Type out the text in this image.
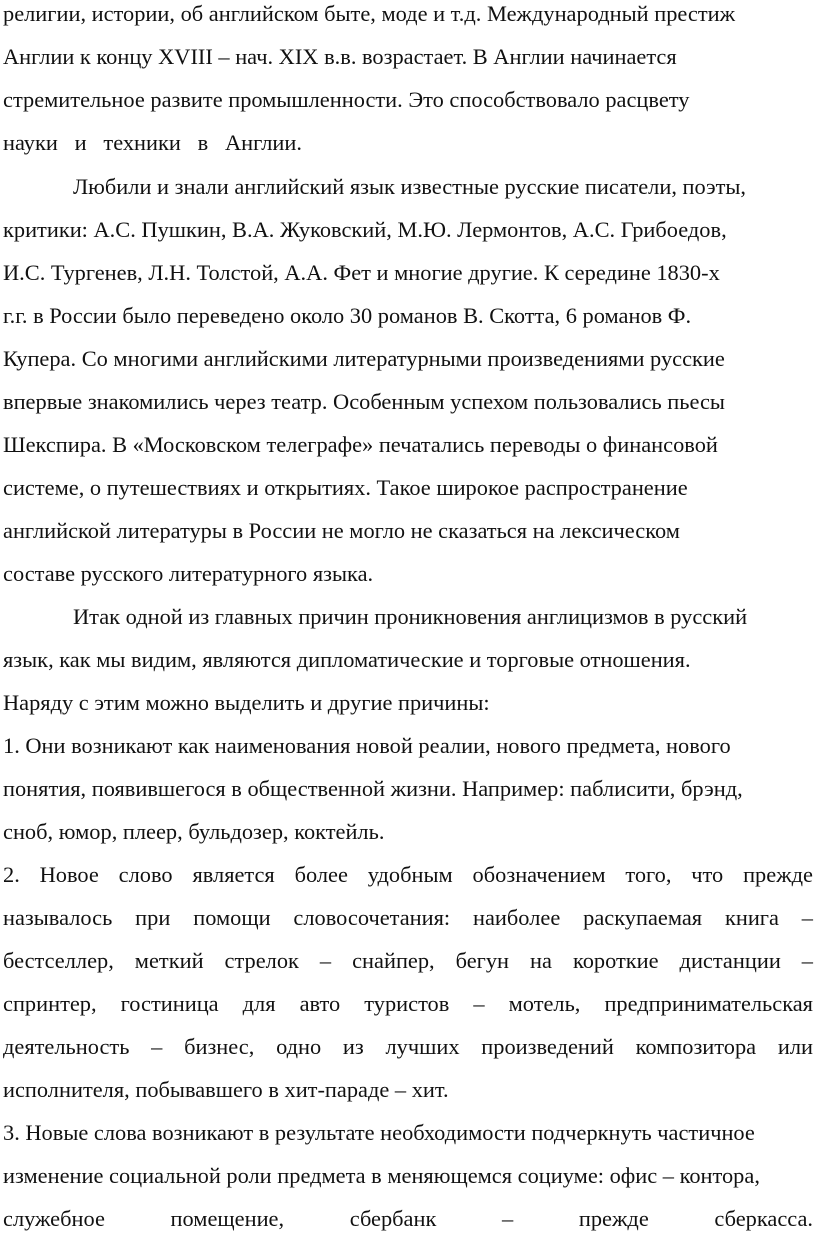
религии, истории, об английском быте, моде и т.д. Международный престиж
Англии к концу XVIII – нач. XIX в.в. возрастает. В Англии начинается
стремительное развите промышленности. Это способствовало расцвету
науки   и   техники   в   Англии.
Любили и знали английский язык известные русские писатели, поэты,
критики: А.С. Пушкин, В.А. Жуковский, М.Ю. Лермонтов, А.С. Грибоедов,
И.С. Тургенев, Л.Н. Толстой, А.А. Фет и многие другие. К середине 1830-х
г.г. в России было переведено около 30 романов В. Скотта, 6 романов Ф.
Купера. Со многими английскими литературными произведениями русские
впервые знакомились через театр. Особенным успехом пользовались пьесы
Шекспира. В «Московском телеграфе» печатались переводы о финансовой
системе, о путешествиях и открытиях. Такое широкое распространение
английской литературы в России не могло не сказаться на лексическом
составе русского литературного языка.
Итак одной из главных причин проникновения англицизмов в русский
язык, как мы видим, являются дипломатические и торговые отношения.
Наряду с этим можно выделить и другие причины:
1. Они возникают как наименования новой реалии, нового предмета, нового
понятия, появившегося в общественной жизни. Например: паблисити, брэнд,
сноб, юмор, плеер, бульдозер, коктейль.
2. Новое слово является более удобным обозначением того, что прежде
называлось при помощи словосочетания: наиболее раскупаемая книга –
бестселлер, меткий стрелок – снайпер, бегун на короткие дистанции –
спринтер, гостиница для авто туристов – мотель, предпринимательская
деятельность – бизнес, одно из лучших произведений композитора или
исполнителя, побывавшего в хит-параде – хит.
3. Новые слова возникают в результате необходимости подчеркнуть частичное
изменение социальной роли предмета в меняющемся социуме: офис – контора,
служебное помещение, сбербанк – прежде сберкасса.
